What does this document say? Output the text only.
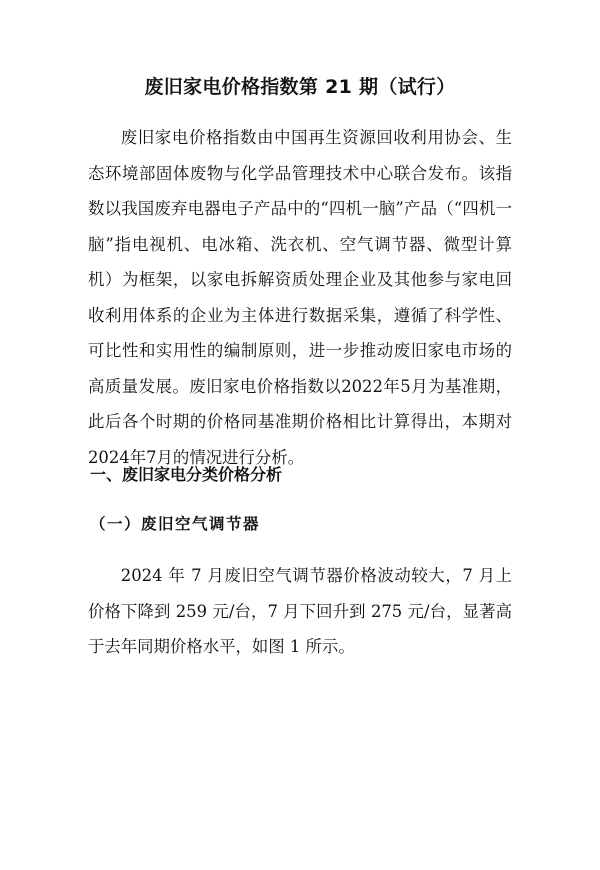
废旧家电价格指数第 21 期（试行）

废旧家电价格指数由中国再生资源回收利用协会、生态环境部固体废物与化学品管理技术中心联合发布。该指数以我国废弃电器电子产品中的“四机一脑”产品（“四机一脑”指电视机、电冰箱、洗衣机、空气调节器、微型计算机）为框架，以家电拆解资质处理企业及其他参与家电回收利用体系的企业为主体进行数据采集，遵循了科学性、可比性和实用性的编制原则，进一步推动废旧家电市场的高质量发展。废旧家电价格指数以2022年5月为基准期，此后各个时期的价格同基准期价格相比计算得出，本期对2024年7月的情况进行分析。

一、废旧家电分类价格分析
（一）废旧空气调节器

2024 年 7 月废旧空气调节器价格波动较大，7 月上价格下降到 259 元/台，7 月下回升到 275 元/台，显著高于去年同期价格水平，如图 1 所示。
